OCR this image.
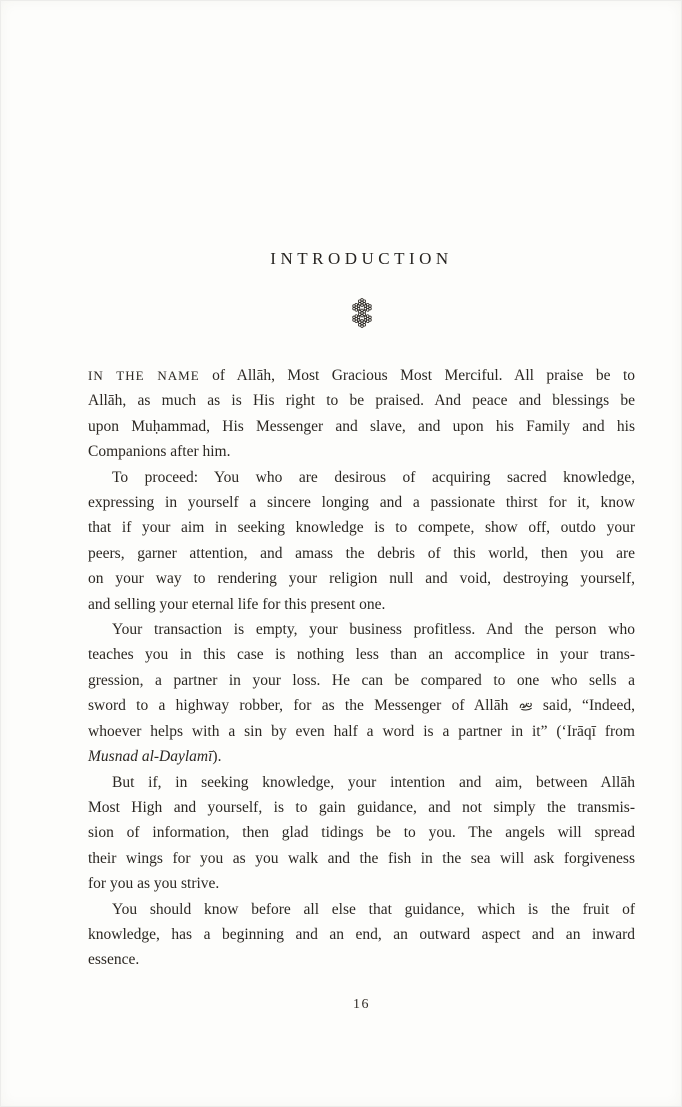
INTRODUCTION
IN THE NAME of Allāh, Most Gracious Most Merciful. All praise be to
Allāh, as much as is His right to be praised. And peace and blessings be
upon Muḥammad, His Messenger and slave, and upon his Family and his
Companions after him.
To proceed: You who are desirous of acquiring sacred knowledge,
expressing in yourself a sincere longing and a passionate thirst for it, know
that if your aim in seeking knowledge is to compete, show off, outdo your
peers, garner attention, and amass the debris of this world, then you are
on your way to rendering your religion null and void, destroying yourself,
and selling your eternal life for this present one.
Your transaction is empty, your business profitless. And the person who
teaches you in this case is nothing less than an accomplice in your trans-
gression, a partner in your loss. He can be compared to one who sells a
sword to a highway robber, for as the Messenger of Allāh  said, “Indeed,
whoever helps with a sin by even half a word is a partner in it” (‘Irāqī from
Musnad al-Daylamī).
But if, in seeking knowledge, your intention and aim, between Allāh
Most High and yourself, is to gain guidance, and not simply the transmis-
sion of information, then glad tidings be to you. The angels will spread
their wings for you as you walk and the fish in the sea will ask forgiveness
for you as you strive.
You should know before all else that guidance, which is the fruit of
knowledge, has a beginning and an end, an outward aspect and an inward
essence.
16
